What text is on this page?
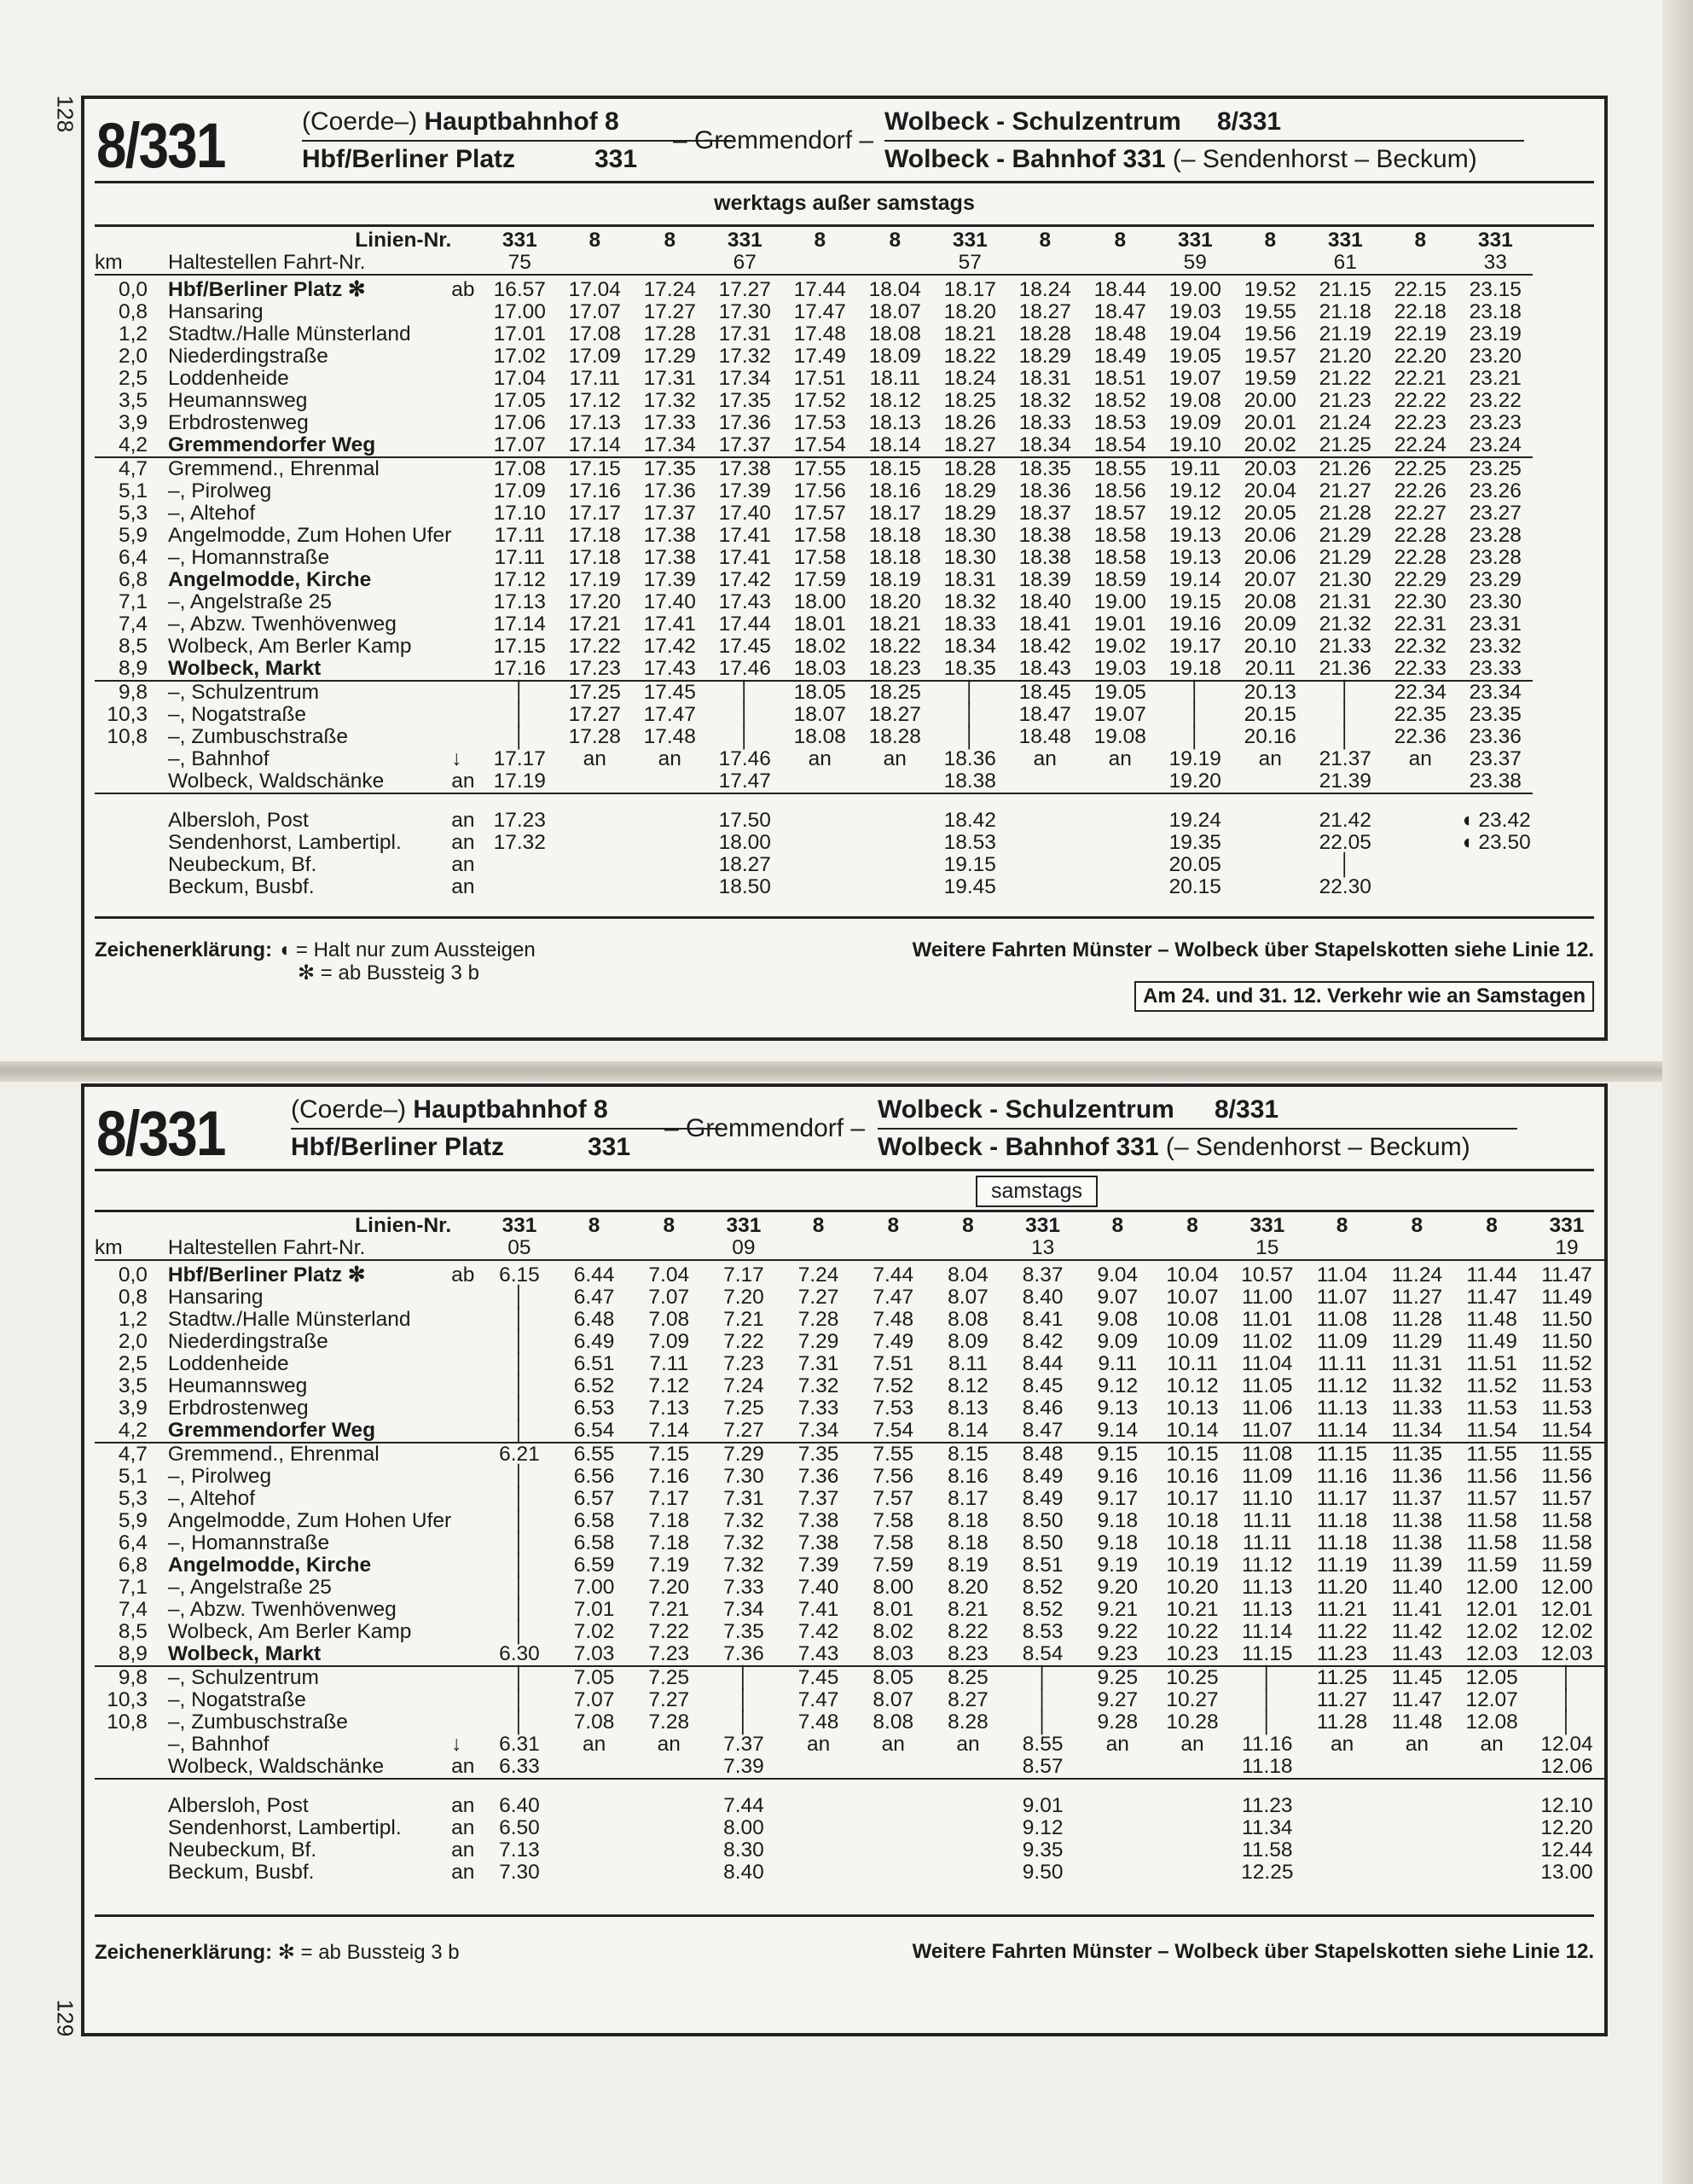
128
129
8/331	(Coerde–) Hauptbahnhof 8
Hbf/Berliner Platz	331
– Gremmendorf –
Wolbeck - Schulzentrum 8/331
Wolbeck - Bahnhof 331 (– Sendenhorst – Beckum)
werktags außer samstags
	Linien-Nr.		331	8	8	331	8	8	331	8	8	331	8	331	8	331
km	Haltestellen Fahrt-Nr.		75			67			57			59		61		33

0,0	Hbf/Berliner Platz ✻	ab	16.57	17.04	17.24	17.27	17.44	18.04	18.17	18.24	18.44	19.00	19.52	21.15	22.15	23.15
0,8	Hansaring		17.00	17.07	17.27	17.30	17.47	18.07	18.20	18.27	18.47	19.03	19.55	21.18	22.18	23.18
1,2	Stadtw./Halle Münsterland		17.01	17.08	17.28	17.31	17.48	18.08	18.21	18.28	18.48	19.04	19.56	21.19	22.19	23.19
2,0	Niederdingstraße		17.02	17.09	17.29	17.32	17.49	18.09	18.22	18.29	18.49	19.05	19.57	21.20	22.20	23.20
2,5	Loddenheide		17.04	17.11	17.31	17.34	17.51	18.11	18.24	18.31	18.51	19.07	19.59	21.22	22.21	23.21
3,5	Heumannsweg		17.05	17.12	17.32	17.35	17.52	18.12	18.25	18.32	18.52	19.08	20.00	21.23	22.22	23.22
3,9	Erbdrostenweg		17.06	17.13	17.33	17.36	17.53	18.13	18.26	18.33	18.53	19.09	20.01	21.24	22.23	23.23
4,2	Gremmendorfer Weg		17.07	17.14	17.34	17.37	17.54	18.14	18.27	18.34	18.54	19.10	20.02	21.25	22.24	23.24

4,7	Gremmend., Ehrenmal		17.08	17.15	17.35	17.38	17.55	18.15	18.28	18.35	18.55	19.11	20.03	21.26	22.25	23.25
5,1	–, Pirolweg		17.09	17.16	17.36	17.39	17.56	18.16	18.29	18.36	18.56	19.12	20.04	21.27	22.26	23.26
5,3	–, Altehof		17.10	17.17	17.37	17.40	17.57	18.17	18.29	18.37	18.57	19.12	20.05	21.28	22.27	23.27
5,9	Angelmodde, Zum Hohen Ufer		17.11	17.18	17.38	17.41	17.58	18.18	18.30	18.38	18.58	19.13	20.06	21.29	22.28	23.28
6,4	–, Homannstraße		17.11	17.18	17.38	17.41	17.58	18.18	18.30	18.38	18.58	19.13	20.06	21.29	22.28	23.28
6,8	Angelmodde, Kirche		17.12	17.19	17.39	17.42	17.59	18.19	18.31	18.39	18.59	19.14	20.07	21.30	22.29	23.29
7,1	–, Angelstraße 25		17.13	17.20	17.40	17.43	18.00	18.20	18.32	18.40	19.00	19.15	20.08	21.31	22.30	23.30
7,4	–, Abzw. Twenhövenweg		17.14	17.21	17.41	17.44	18.01	18.21	18.33	18.41	19.01	19.16	20.09	21.32	22.31	23.31
8,5	Wolbeck, Am Berler Kamp		17.15	17.22	17.42	17.45	18.02	18.22	18.34	18.42	19.02	19.17	20.10	21.33	22.32	23.32
8,9	Wolbeck, Markt		17.16	17.23	17.43	17.46	18.03	18.23	18.35	18.43	19.03	19.18	20.11	21.36	22.33	23.33

9,8	–, Schulzentrum		│	17.25	17.45	│	18.05	18.25	│	18.45	19.05	│	20.13	│	22.34	23.34
10,3	–, Nogatstraße		│	17.27	17.47	│	18.07	18.27	│	18.47	19.07	│	20.15	│	22.35	23.35
10,8	–, Zumbuschstraße		│	17.28	17.48	│	18.08	18.28	│	18.48	19.08	│	20.16	│	22.36	23.36
	–, Bahnhof	↓	17.17	an	an	17.46	an	an	18.36	an	an	19.19	an	21.37	an	23.37
	Wolbeck, Waldschänke	an	17.19			17.47			18.38			19.20		21.39		23.38

	Albersloh, Post	an	17.23			17.50			18.42			19.24		21.42		◖ 23.42
	Sendenhorst, Lambertipl.	an	17.32			18.00			18.53			19.35		22.05		◖ 23.50
	Neubeckum, Bf.	an				18.27			19.15			20.05		│		
	Beckum, Busbf.	an				18.50			19.45			20.15		22.30		
Zeichenerklärung: ◖ = Halt nur zum Aussteigen
✻ = ab Bussteig 3 b
Weitere Fahrten Münster – Wolbeck über Stapelskotten siehe Linie 12.
Am 24. und 31. 12. Verkehr wie an Samstagen
8/331	(Coerde–) Hauptbahnhof 8
Hbf/Berliner Platz	331
– Gremmendorf –
Wolbeck - Schulzentrum 8/331
Wolbeck - Bahnhof 331 (– Sendenhorst – Beckum)
samstags
	Linien-Nr.		331	8	8	331	8	8	8	331	8	8	331	8	8	8	331
km	Haltestellen Fahrt-Nr.		05			09				13			15				19

0,0	Hbf/Berliner Platz ✻	ab	6.15	6.44	7.04	7.17	7.24	7.44	8.04	8.37	9.04	10.04	10.57	11.04	11.24	11.44	11.47
0,8	Hansaring		│	6.47	7.07	7.20	7.27	7.47	8.07	8.40	9.07	10.07	11.00	11.07	11.27	11.47	11.49
1,2	Stadtw./Halle Münsterland		│	6.48	7.08	7.21	7.28	7.48	8.08	8.41	9.08	10.08	11.01	11.08	11.28	11.48	11.50
2,0	Niederdingstraße		│	6.49	7.09	7.22	7.29	7.49	8.09	8.42	9.09	10.09	11.02	11.09	11.29	11.49	11.50
2,5	Loddenheide		│	6.51	7.11	7.23	7.31	7.51	8.11	8.44	9.11	10.11	11.04	11.11	11.31	11.51	11.52
3,5	Heumannsweg		│	6.52	7.12	7.24	7.32	7.52	8.12	8.45	9.12	10.12	11.05	11.12	11.32	11.52	11.53
3,9	Erbdrostenweg		│	6.53	7.13	7.25	7.33	7.53	8.13	8.46	9.13	10.13	11.06	11.13	11.33	11.53	11.53
4,2	Gremmendorfer Weg		│	6.54	7.14	7.27	7.34	7.54	8.14	8.47	9.14	10.14	11.07	11.14	11.34	11.54	11.54

4,7	Gremmend., Ehrenmal		6.21	6.55	7.15	7.29	7.35	7.55	8.15	8.48	9.15	10.15	11.08	11.15	11.35	11.55	11.55
5,1	–, Pirolweg		│	6.56	7.16	7.30	7.36	7.56	8.16	8.49	9.16	10.16	11.09	11.16	11.36	11.56	11.56
5,3	–, Altehof		│	6.57	7.17	7.31	7.37	7.57	8.17	8.49	9.17	10.17	11.10	11.17	11.37	11.57	11.57
5,9	Angelmodde, Zum Hohen Ufer		│	6.58	7.18	7.32	7.38	7.58	8.18	8.50	9.18	10.18	11.11	11.18	11.38	11.58	11.58
6,4	–, Homannstraße		│	6.58	7.18	7.32	7.38	7.58	8.18	8.50	9.18	10.18	11.11	11.18	11.38	11.58	11.58
6,8	Angelmodde, Kirche		│	6.59	7.19	7.32	7.39	7.59	8.19	8.51	9.19	10.19	11.12	11.19	11.39	11.59	11.59
7,1	–, Angelstraße 25		│	7.00	7.20	7.33	7.40	8.00	8.20	8.52	9.20	10.20	11.13	11.20	11.40	12.00	12.00
7,4	–, Abzw. Twenhövenweg		│	7.01	7.21	7.34	7.41	8.01	8.21	8.52	9.21	10.21	11.13	11.21	11.41	12.01	12.01
8,5	Wolbeck, Am Berler Kamp		│	7.02	7.22	7.35	7.42	8.02	8.22	8.53	9.22	10.22	11.14	11.22	11.42	12.02	12.02
8,9	Wolbeck, Markt		6.30	7.03	7.23	7.36	7.43	8.03	8.23	8.54	9.23	10.23	11.15	11.23	11.43	12.03	12.03

9,8	–, Schulzentrum		│	7.05	7.25	│	7.45	8.05	8.25	│	9.25	10.25	│	11.25	11.45	12.05	│
10,3	–, Nogatstraße		│	7.07	7.27	│	7.47	8.07	8.27	│	9.27	10.27	│	11.27	11.47	12.07	│
10,8	–, Zumbuschstraße		│	7.08	7.28	│	7.48	8.08	8.28	│	9.28	10.28	│	11.28	11.48	12.08	│
	–, Bahnhof	↓	6.31	an	an	7.37	an	an	an	8.55	an	an	11.16	an	an	an	12.04
	Wolbeck, Waldschänke	an	6.33			7.39				8.57			11.18				12.06

	Albersloh, Post	an	6.40			7.44				9.01			11.23				12.10
	Sendenhorst, Lambertipl.	an	6.50			8.00				9.12			11.34				12.20
	Neubeckum, Bf.	an	7.13			8.30				9.35			11.58				12.44
	Beckum, Busbf.	an	7.30			8.40				9.50			12.25				13.00
Zeichenerklärung: ✻ = ab Bussteig 3 b	Weitere Fahrten Münster – Wolbeck über Stapelskotten siehe Linie 12.
